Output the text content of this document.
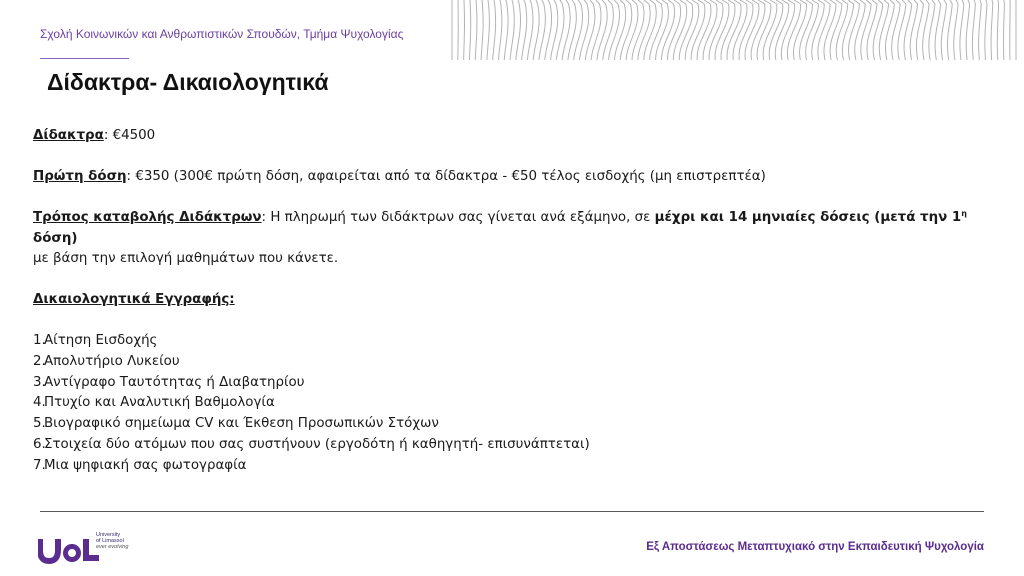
Σχολή Κοινωνικών και Ανθρωπιστικών Σπουδών, Τμήμα Ψυχολογίας
Δίδακτρα- Δικαιολογητικά

Δίδακτρα: €4500

Πρώτη δόση: €350 (300€ πρώτη δόση, αφαιρείται από τα δίδακτρα - €50 τέλος εισδοχής (μη επιστρεπτέα)

Τρόπος καταβολής Διδάκτρων: Η πληρωμή των διδάκτρων σας γίνεται ανά εξάμηνο, σε μέχρι και 14 μηνιαίες δόσεις (μετά την $1^\eta$ δόση)
με βάση την επιλογή μαθημάτων που κάνετε.

Δικαιολογητικά Εγγραφής:

1.
Αίτηση Εισδοχής
2.
Απολυτήριο Λυκείου
3.
Αντίγραφο Ταυτότητας ή Διαβατηρίου
4.
Πτυχίο και Αναλυτική Βαθμολογία
5.
Βιογραφικό σημείωμα CV και Έκθεση Προσωπικών Στόχων
6.
Στοιχεία δύο ατόμων που σας συστήνουν (εργοδότη ή καθηγητή- επισυνάπτεται)
7.
Μια ψηφιακή σας φωτογραφία
University
of Limassol
ever evolving	Εξ Αποστάσεως Μεταπτυχιακό στην Εκπαιδευτική Ψυχολογία
